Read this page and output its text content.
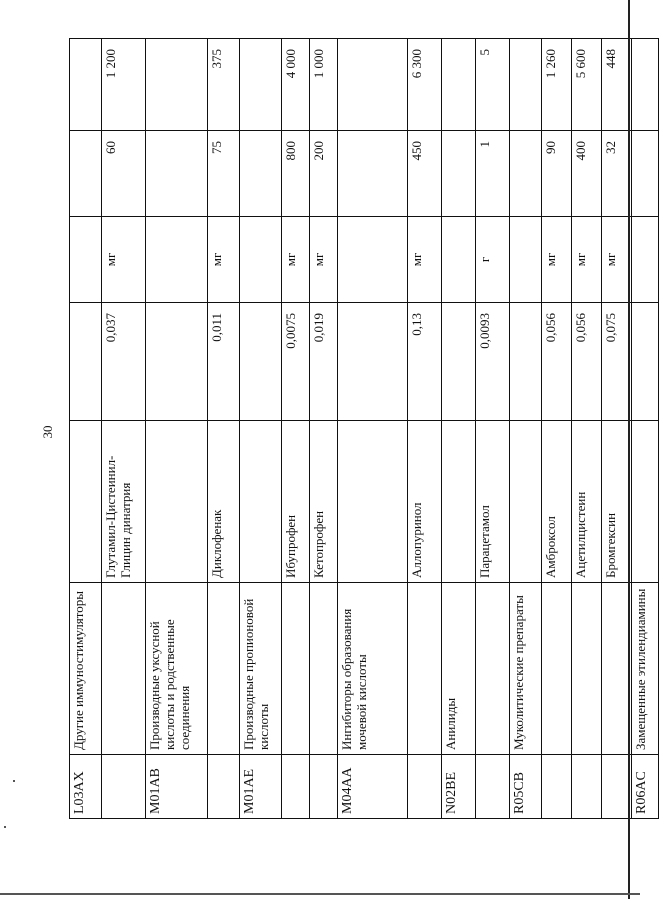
30
L03AX	Другие иммуностимуляторы					
		Глутамил-Цистеинил-Глицин динатрия	0,037	мг	60	1 200
M01AB	Производные уксусной кислоты и родственные соединения					
		Диклофенак	0,011	мг	75	375
M01AE	Производные пропионовой кислоты					
		Ибупрофен	0,0075	мг	800	4 000
		Кетопрофен	0,019	мг	200	1 000
M04AA	Ингибиторы образования мочевой кислоты					
		Аллопуринол	0,13	мг	450	6 300
N02BE	Анилиды					
		Парацетамол	0,0093	г	1	5
R05CB	Муколитические препараты					
		Амброксол	0,056	мг	90	1 260
		Ацетилцистеин	0,056	мг	400	5 600
		Бромгексин	0,075	мг	32	448
R06AC	Замещенные этилендиамины					
